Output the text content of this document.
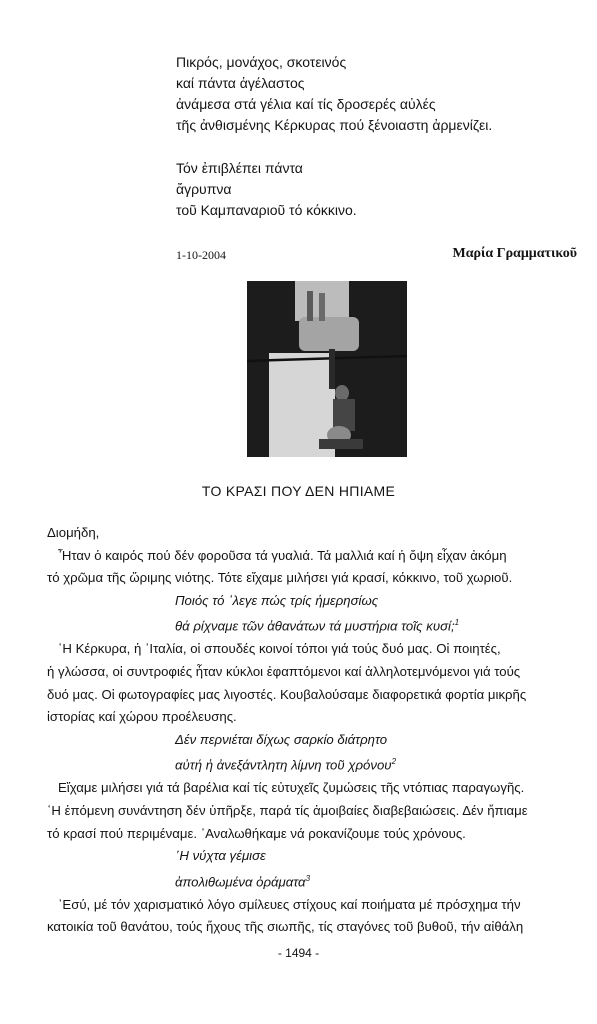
Πικρός, μονάχος, σκοτεινός
καί πάντα ἀγέλαστος
ἀνάμεσα στά γέλια καί τίς δροσερές αὐλές
τῆς ἀνθισμένης Κέρκυρας πού ξένοιαστη ἀρμενίζει.
Τόν ἐπιβλέπει πάντα
ἄγρυπνα
τοῦ Καμπαναριοῦ τό κόκκινο.
1-10-2004	Μαρία Γραμματικοῦ
ΤΟ ΚΡΑΣΙ ΠΟΥ ΔΕΝ ΗΠΙΑΜΕ
Διομήδη,
Ἦταν ὁ καιρός πού δέν φοροῦσα τά γυαλιά. Τά μαλλιά καί ἡ ὄψη εἶχαν ἀκόμη
τό χρῶμα τῆς ὥριμης νιότης. Τότε εἴχαμε μιλήσει γιά κρασί, κόκκινο, τοῦ χωριοῦ.
Ποιός τό ᾿λεγε πώς τρίς ἡμερησίως
θά ρίχναμε τῶν ἀθανάτων τά μυστήρια τοῖς κυσί;$^1$
῾Η Κέρκυρα, ἡ ᾿Ιταλία, οἱ σπουδές κοινοί τόποι γιά τούς δυό μας. Οἱ ποιητές,
ἡ γλώσσα, οἱ συντροφιές ἦταν κύκλοι ἐφαπτόμενοι καί ἀλληλοτεμνόμενοι γιά τούς
δυό μας. Οἱ φωτογραφίες μας λιγοστές. Κουβαλούσαμε διαφορετικά φορτία μικρῆς
ἱστορίας καί χώρου προέλευσης.
Δέν περνιέται δίχως σαρκίο διάτρητο
αὐτή ἡ ἀνεξάντλητη λίμνη τοῦ χρόνου$^2$
Εἴχαμε μιλήσει γιά τά βαρέλια καί τίς εὐτυχεῖς ζυμώσεις τῆς ντόπιας παραγωγῆς.
῾Η ἑπόμενη συνάντηση δέν ὑπῆρξε, παρά τίς ἀμοιβαίες διαβεβαιώσεις. Δέν ἤπιαμε
τό κρασί πού περιμέναμε. ᾿Αναλωθήκαμε νά ροκανίζουμε τούς χρόνους.
῾Η νύχτα γέμισε
ἀπολιθωμένα ὁράματα$^3$
᾿Εσύ, μέ τόν χαρισματικό λόγο σμίλευες στίχους καί ποιήματα μέ πρόσχημα τήν
κατοικία τοῦ θανάτου, τούς ἤχους τῆς σιωπῆς, τίς σταγόνες τοῦ βυθοῦ, τήν αἰθάλη
- 1494 -
